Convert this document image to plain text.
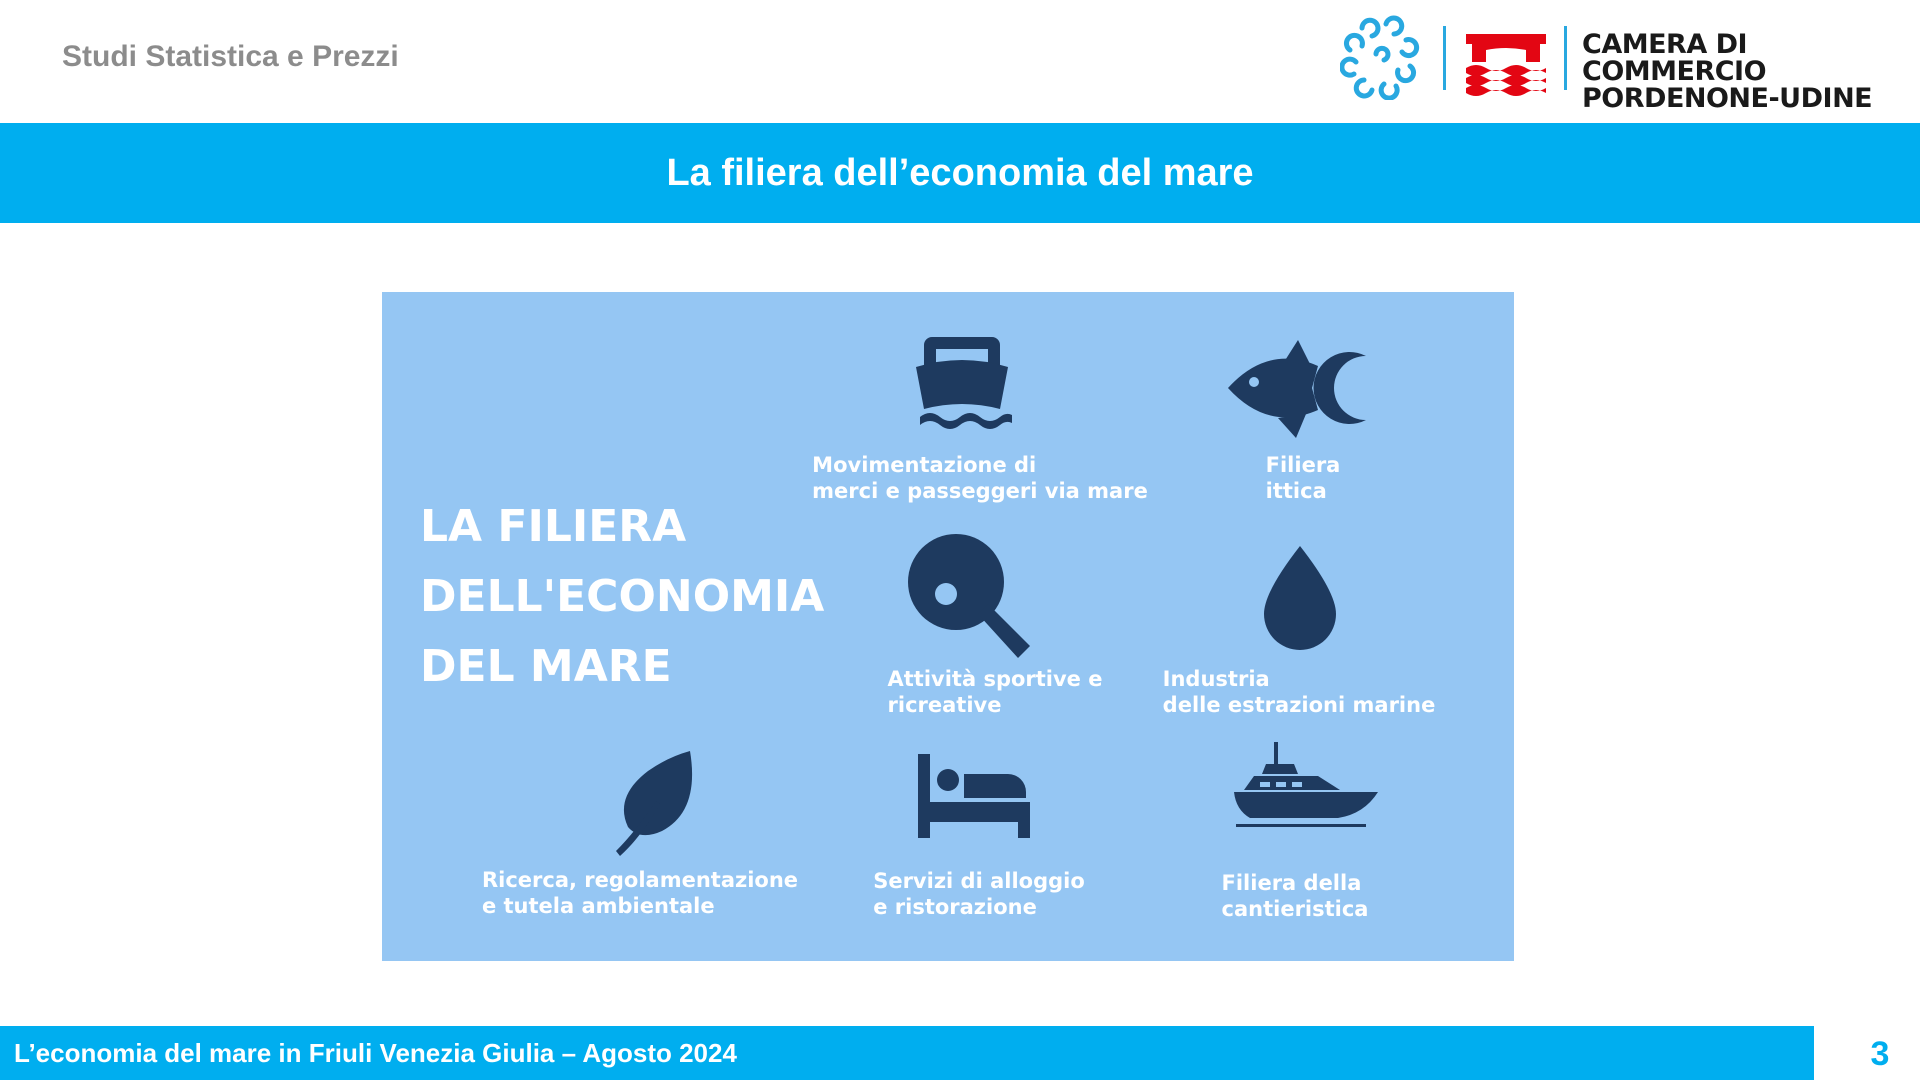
Studi Statistica e Prezzi	CAMERA DI COMMERCIO
PORDENONE-UDINE
La filiera dell’economia del mare
LA FILIERA
DELL'ECONOMIA
DEL MARE
Movimentazione di
merci e passeggeri via mare
Filiera
ittica
Attività sportive e
ricreative
Industria
delle estrazioni marine
Ricerca, regolamentazione
e tutela ambientale
Servizi di alloggio
e ristorazione
Filiera della
cantieristica
L’economia del mare in Friuli Venezia Giulia – Agosto 2024	3
